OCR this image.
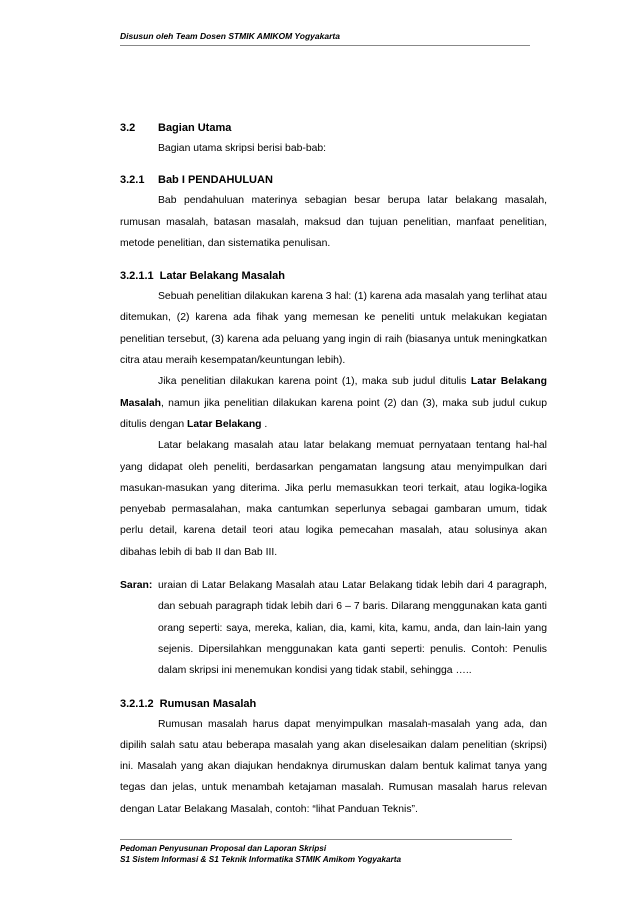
Disusun oleh Team Dosen STMIK AMIKOM Yogyakarta
3.2	Bagian Utama

Bagian utama skripsi berisi bab-bab:

3.2.1	Bab I PENDAHULUAN

Bab pendahuluan materinya sebagian besar berupa latar belakang masalah, rumusan masalah, batasan masalah, maksud dan tujuan penelitian, manfaat penelitian, metode penelitian, dan sistematika penulisan.

3.2.1.1 Latar Belakang Masalah

Sebuah penelitian dilakukan karena 3 hal: (1) karena ada masalah yang terlihat atau ditemukan, (2) karena ada fihak yang memesan ke peneliti untuk melakukan kegiatan penelitian tersebut, (3) karena ada peluang yang ingin di raih (biasanya untuk meningkatkan citra atau meraih kesempatan/keuntungan lebih).

Jika penelitian dilakukan karena point (1), maka sub judul ditulis Latar Belakang Masalah, namun jika penelitian dilakukan karena point (2) dan (3), maka sub judul cukup ditulis dengan Latar Belakang .

Latar belakang masalah atau latar belakang memuat pernyataan tentang hal-hal yang didapat oleh peneliti, berdasarkan pengamatan langsung atau menyimpulkan dari masukan-masukan yang diterima. Jika perlu memasukkan teori terkait, atau logika-logika penyebab permasalahan, maka cantumkan seperlunya sebagai gambaran umum, tidak perlu detail, karena detail teori atau logika pemecahan masalah, atau solusinya akan dibahas lebih di bab II dan Bab III.

Saran: uraian di Latar Belakang Masalah atau Latar Belakang tidak lebih dari 4 paragraph, dan sebuah paragraph tidak lebih dari 6 – 7 baris. Dilarang menggunakan kata ganti orang seperti: saya, mereka, kalian, dia, kami, kita, kamu, anda, dan lain-lain yang sejenis. Dipersilahkan menggunakan kata ganti seperti: penulis. Contoh: Penulis dalam skripsi ini menemukan kondisi yang tidak stabil, sehingga …..
3.2.1.2 Rumusan Masalah

Rumusan masalah harus dapat menyimpulkan masalah-masalah yang ada, dan dipilih salah satu atau beberapa masalah yang akan diselesaikan dalam penelitian (skripsi) ini. Masalah yang akan diajukan hendaknya dirumuskan dalam bentuk kalimat tanya yang tegas dan jelas, untuk menambah ketajaman masalah. Rumusan masalah harus relevan dengan Latar Belakang Masalah, contoh: “lihat Panduan Teknis”.

Pedoman Penyusunan Proposal dan Laporan Skripsi
S1 Sistem Informasi & S1 Teknik Informatika STMIK Amikom Yogyakarta
